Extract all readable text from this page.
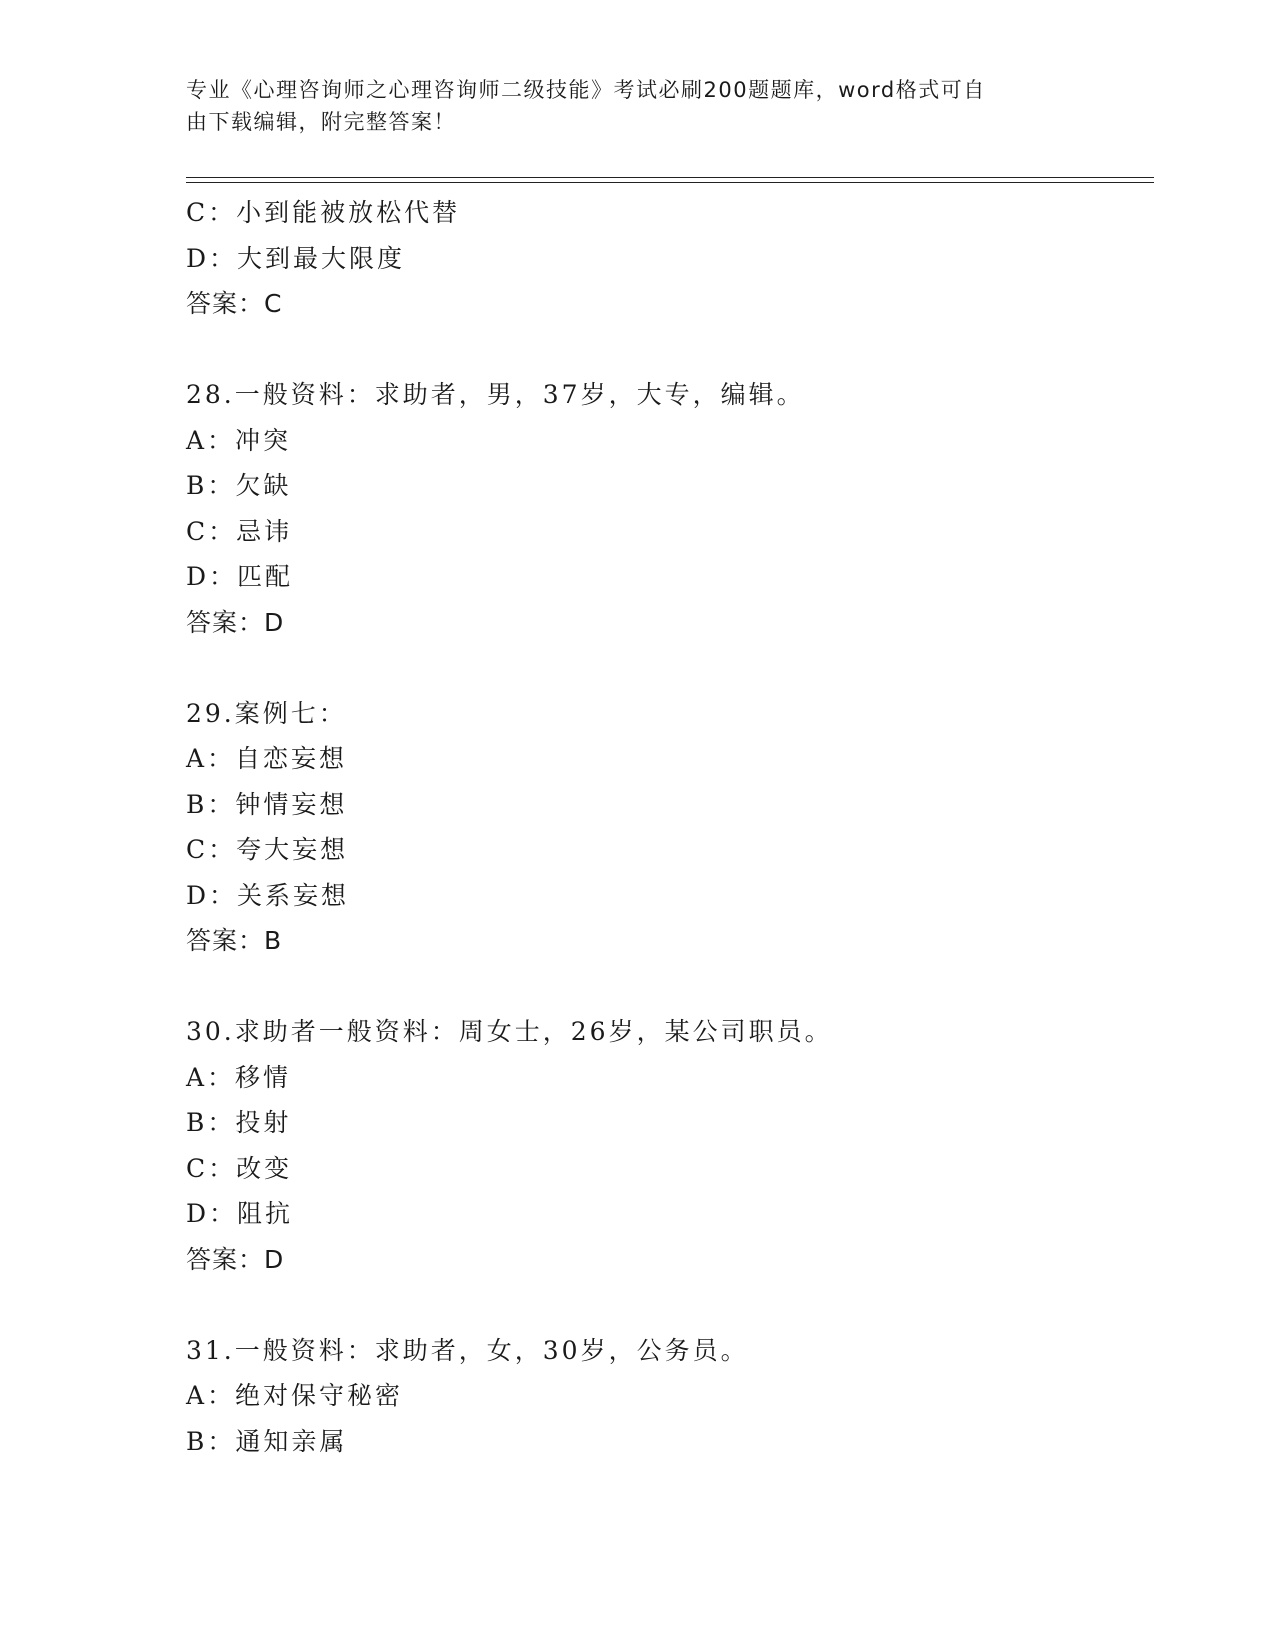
专业《心理咨询师之心理咨询师二级技能》考试必刷200题题库，word格式可自
由下载编辑，附完整答案！
C：小到能被放松代替
D：大到最大限度
答案：C
28.一般资料：求助者，男，37岁，大专，编辑。
A：冲突
B：欠缺
C：忌讳
D：匹配
答案：D
29.案例七：
A：自恋妄想
B：钟情妄想
C：夸大妄想
D：关系妄想
答案：B
30.求助者一般资料：周女士，26岁，某公司职员。
A：移情
B：投射
C：改变
D：阻抗
答案：D
31.一般资料：求助者，女，30岁，公务员。
A：绝对保守秘密
B：通知亲属
